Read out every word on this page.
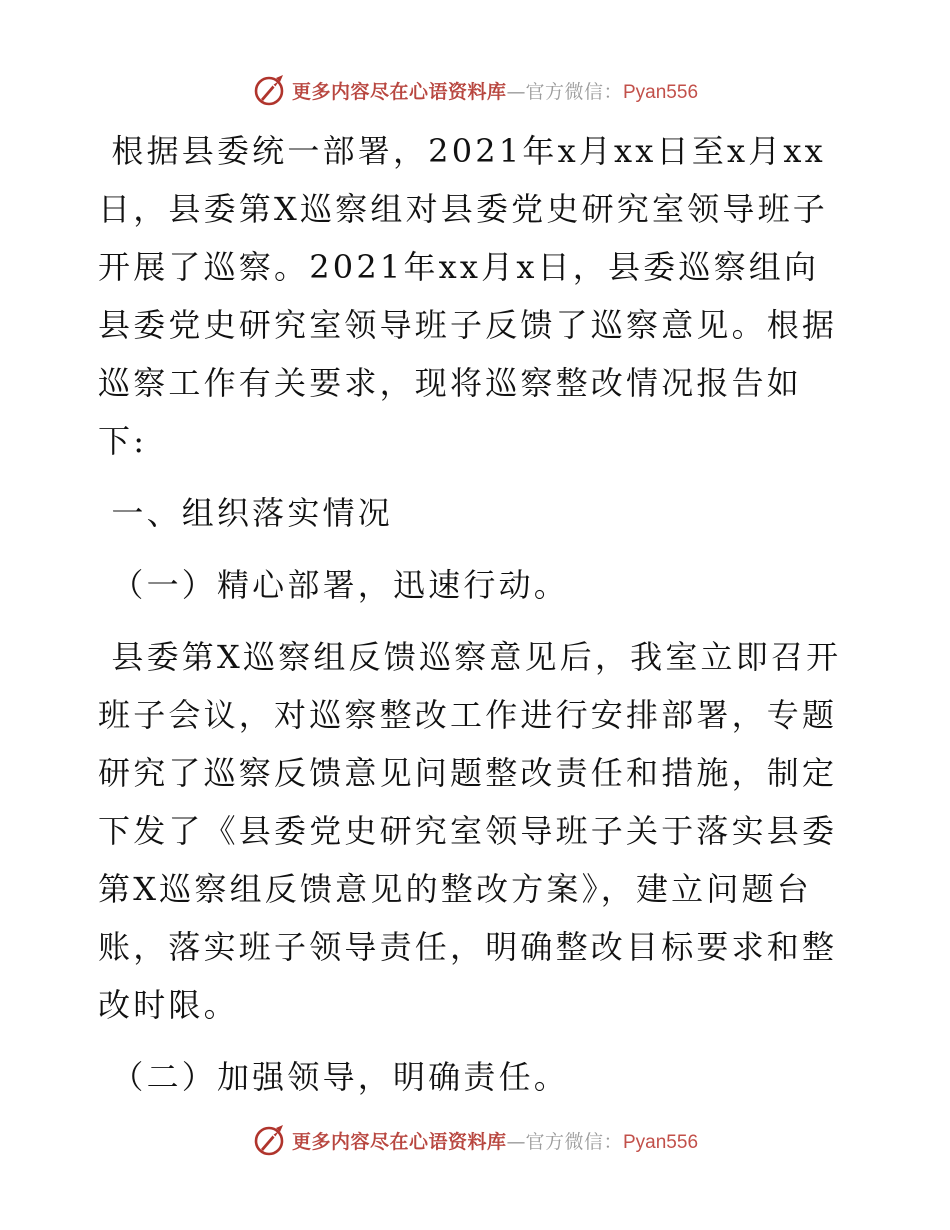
更多内容尽在心语资料库 — 官方微信： Pyan556

根据县委统一部署，2021年x月xx日至x月xx日，县委第X巡察组对县委党史研究室领导班子开展了巡察。2021年xx月x日，县委巡察组向县委党史研究室领导班子反馈了巡察意见。根据巡察工作有关要求，现将巡察整改情况报告如下:

一、组织落实情况

（一）精心部署，迅速行动。

县委第X巡察组反馈巡察意见后，我室立即召开班子会议，对巡察整改工作进行安排部署，专题研究了巡察反馈意见问题整改责任和措施，制定下发了《县委党史研究室领导班子关于落实县委第X巡察组反馈意见的整改方案》，建立问题台账，落实班子领导责任，明确整改目标要求和整改时限。

（二）加强领导，明确责任。

更多内容尽在心语资料库 — 官方微信： Pyan556
